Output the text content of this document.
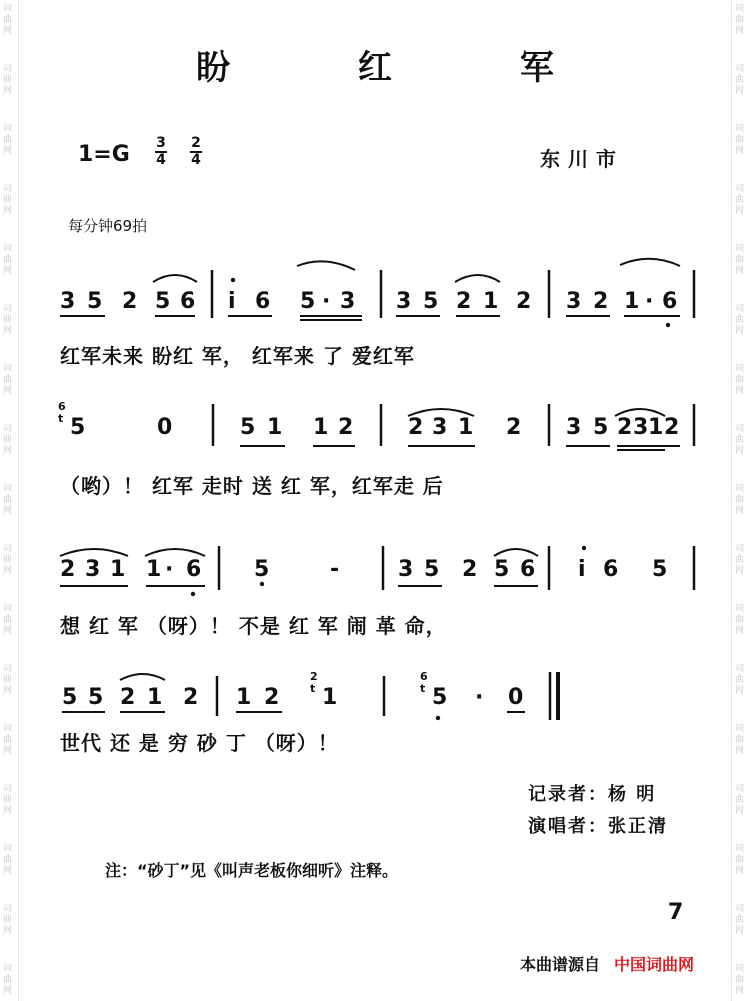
词曲网
词曲网
词曲网
词曲网
词曲网
词曲网
词曲网
词曲网
词曲网
词曲网
词曲网
词曲网
词曲网
词曲网
词曲网
词曲网
词曲网
词曲网
词曲网
词曲网
词曲网
词曲网
词曲网
词曲网
词曲网
词曲网
词曲网
词曲网
词曲网
词曲网
词曲网
词曲网
词曲网
词曲网
盼 红 军
1=G 3
4
2
4	东川市
每分钟69拍
红军未来 盼红 军， 红军来 了 爱红军
（哟）！ 红军 走时 送 红 军，红军走 后
想 红 军 （呀）！ 不是 红 军 闹 革 命，
世代 还 是 穷 砂 丁 （呀）！
记录者：杨 明
演唱者：张正清
注：“砂丁”见《叫声老板你细听》注释。
7
本曲谱源自 中国词曲网
3 5 2 5 6 i 6 5 · 3 3 5 2 1 2 3 2 1 · 6
6
t 5	0	5 1 1 2 2 3 1 2 3 5 2 3 1 2
2 3 1 1 · 6 5	-	3 5 2 5 6 i 6 5
5 5 2 1 2 1 2
2
t 1
6
t 5 · 0
